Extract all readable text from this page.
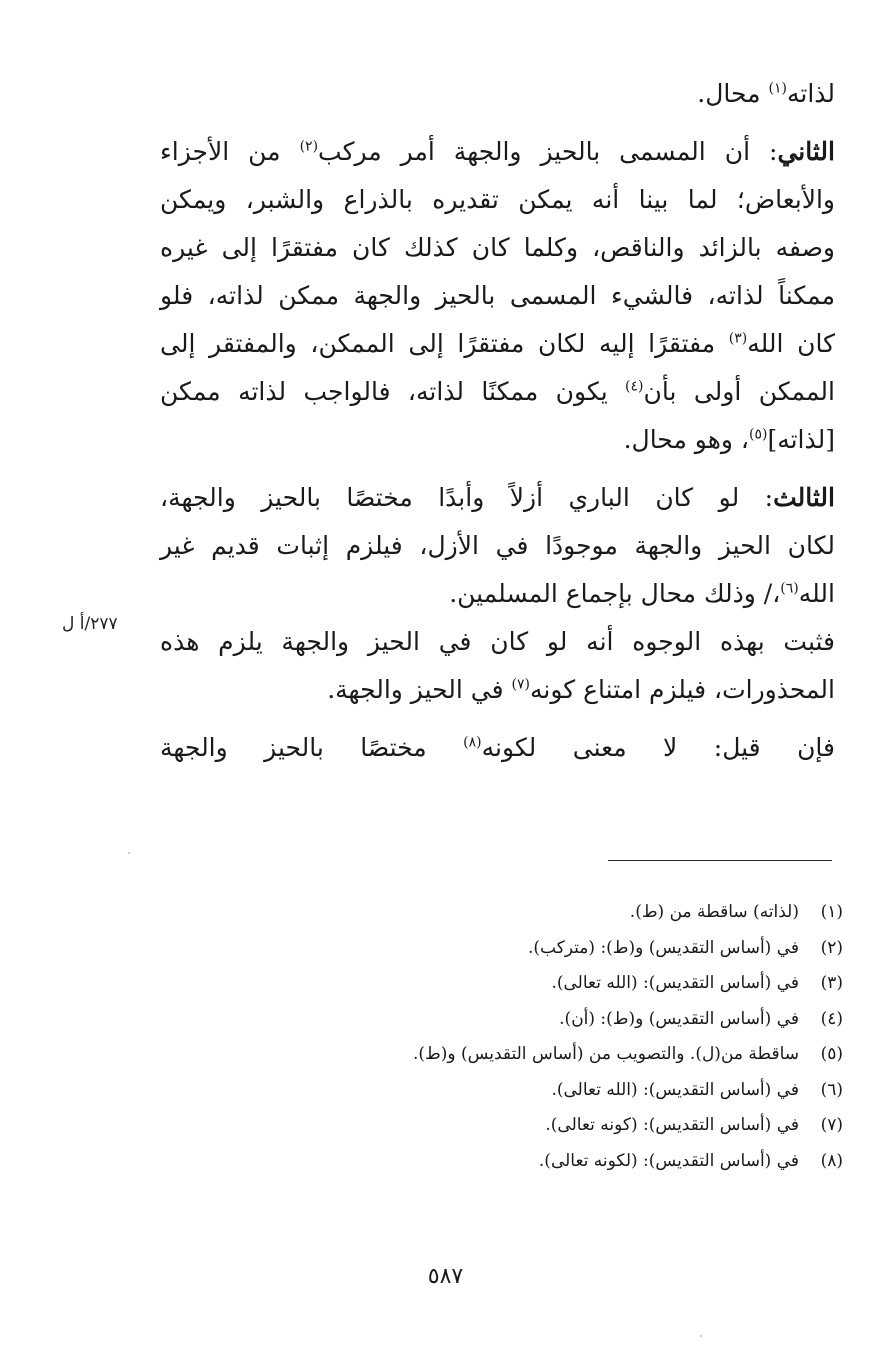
لذاته$^{(١)}$ محال.
الثاني: أن المسمى بالحيز والجهة أمر مركب$^{(٢)}$ من الأجزاء
والأبعاض؛ لما بينا أنه يمكن تقديره بالذراع والشبر، ويمكن
وصفه بالزائد والناقص، وكلما كان كذلك كان مفتقرًا إلى غيره
ممكناً لذاته، فالشيء المسمى بالحيز والجهة ممكن لذاته، فلو
كان الله$^{(٣)}$ مفتقرًا إليه لكان مفتقرًا إلى الممكن، والمفتقر إلى
الممكن أولى بأن$^{(٤)}$ يكون ممكنًا لذاته، فالواجب لذاته ممكن
[لذاته]$^{(٥)}$، وهو محال.
الثالث: لو كان الباري أزلاً وأبدًا مختصًا بالحيز والجهة،
لكان الحيز والجهة موجودًا في الأزل، فيلزم إثبات قديم غير
الله$^{(٦)}$،/ وذلك محال بإجماع المسلمين.
فثبت بهذه الوجوه أنه لو كان في الحيز والجهة يلزم هذه
المحذورات، فيلزم امتناع كونه$^{(٧)}$ في الحيز والجهة.
فإن قيل: لا معنى لكونه$^{(٨)}$ مختصًا بالحيز والجهة
٢٧٧/أ ل
(١)(لذاته) ساقطة من (ط).
(٢)في (أساس التقديس) و(ط): (متركب).
(٣)في (أساس التقديس): (الله تعالى).
(٤)في (أساس التقديس) و(ط): (أن).
(٥)ساقطة من(ل). والتصويب من (أساس التقديس) و(ط).
(٦)في (أساس التقديس): (الله تعالى).
(٧)في (أساس التقديس): (كونه تعالى).
(٨)في (أساس التقديس): (لكونه تعالى).
٥٨٧
